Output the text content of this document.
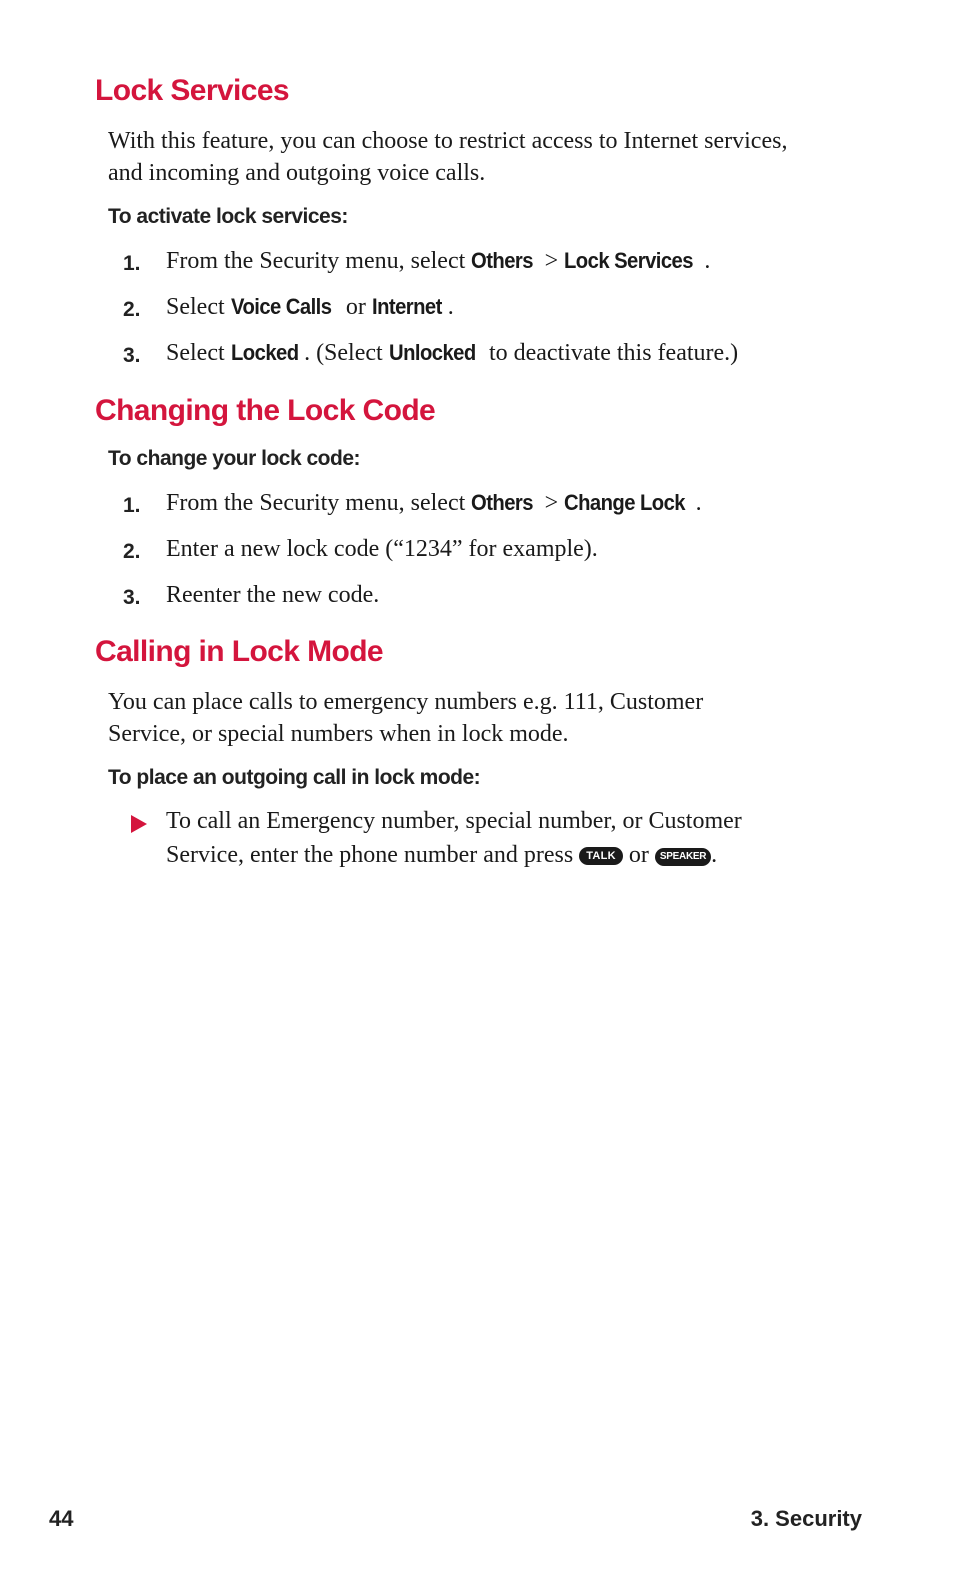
Lock Services

With this feature, you can choose to restrict access to Internet services,

and incoming and outgoing voice calls.

To activate lock services:

1.	From the Security menu, select Others > Lock Services .
2.	Select Voice Calls or Internet .
3.	Select Locked . (Select Unlocked to deactivate this feature.)
Changing the Lock Code

To change your lock code:

1.	From the Security menu, select Others > Change Lock .
2.	Enter a new lock code (“1234” for example).
3.	Reenter the new code.
Calling in Lock Mode

You can place calls to emergency numbers e.g. 111, Customer

Service, or special numbers when in lock mode.

To place an outgoing call in lock mode:

To call an Emergency number, special number, or Customer
Service, enter the phone number and press TALK or SPEAKER .
44	3. Security
